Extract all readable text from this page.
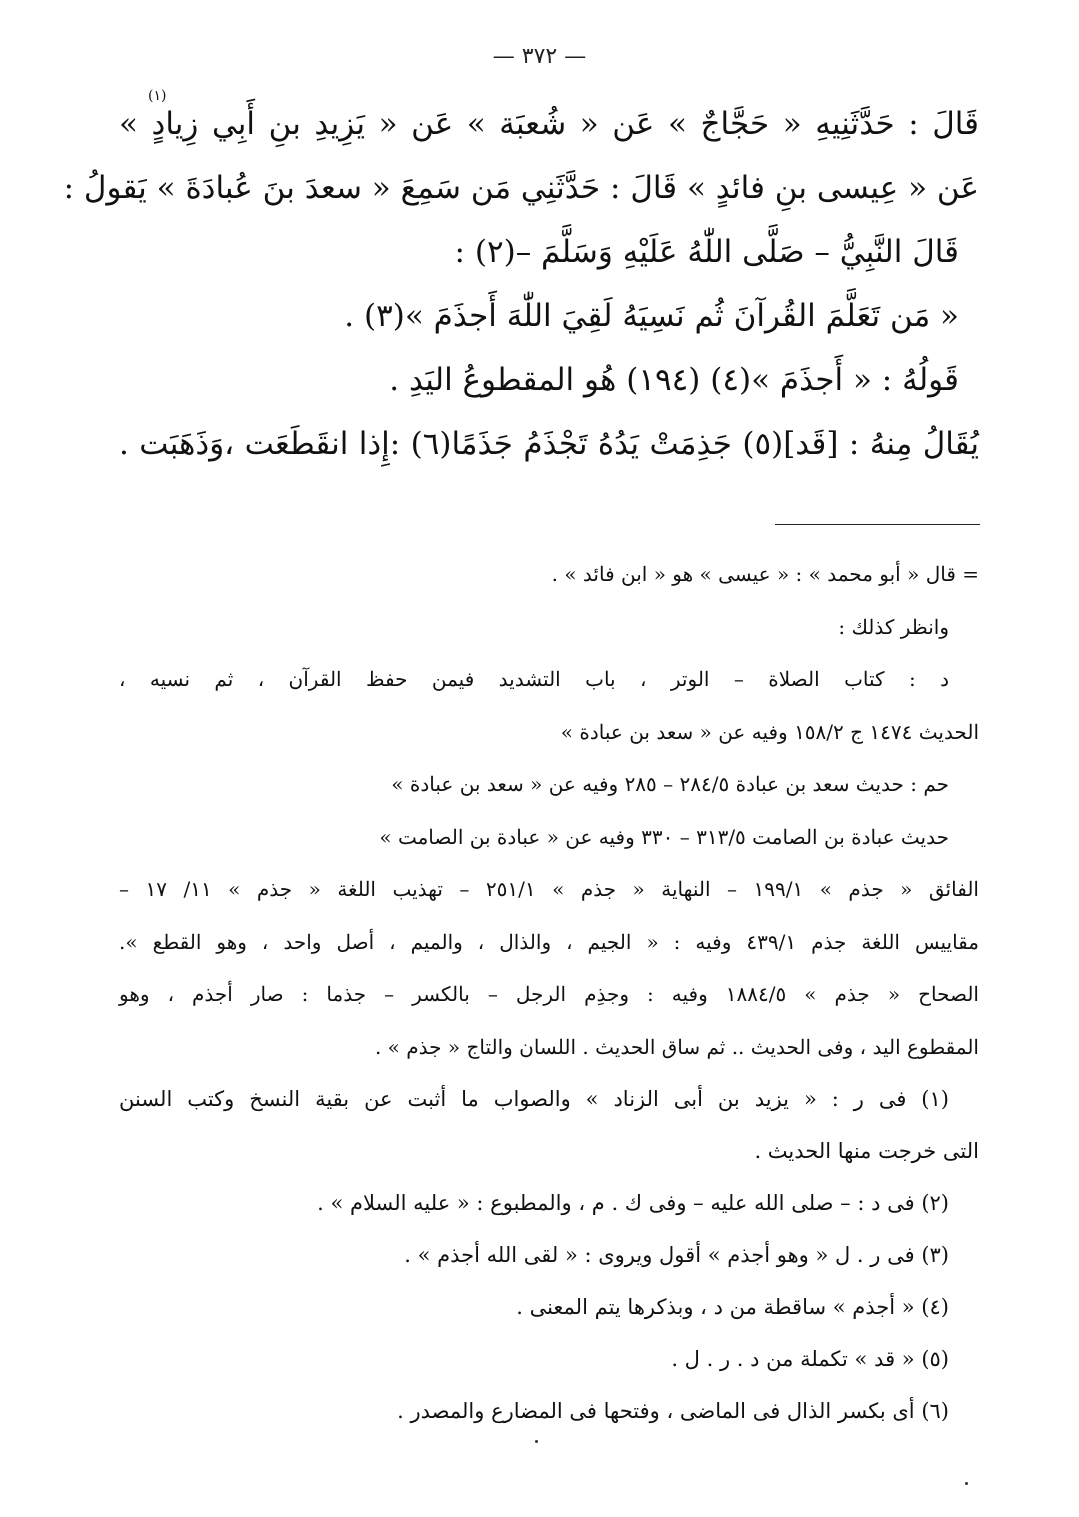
— ٣٧٢ —
(١)
قَالَ : حَدَّثَنِيهِ « حَجَّاجٌ » عَن « شُعبَة » عَن « يَزِيدِ بنِ أَبِي زِيادٍ »
عَن « عِيسى بنِ فائدٍ » قَالَ : حَدَّثَنِي مَن سَمِعَ « سعدَ بنَ عُبادَةَ » يَقولُ :
قَالَ النَّبِيُّ – صَلَّى اللّٰهُ عَلَيْهِ وَسَلَّمَ –(٢) :
« مَن تَعَلَّمَ القُرآنَ ثُم نَسِيَهُ لَقِيَ اللّٰهَ أَجذَمَ »(٣) .
قَولُهُ : « أَجذَمَ »(٤) (١٩٤) هُو المقطوعُ اليَدِ .
يُقَالُ مِنهُ : [قَد](٥) جَذِمَتْ يَدُهُ تَجْذَمُ جَذَمًا(٦) :إِذا انقَطَعَت ،وَذَهَبَت .
= قال « أبو محمد » : « عيسى » هو « ابن فائد » .
وانظر كذلك :
د : كتاب الصلاة – الوتر ، باب التشديد فيمن حفظ القرآن ، ثم نسيه ،
الحديث ١٤٧٤ ج ١٥٨/٢ وفيه عن « سعد بن عبادة »
حم : حديث سعد بن عبادة ٢٨٤/٥ – ٢٨٥ وفيه عن « سعد بن عبادة »
حديث عبادة بن الصامت ٣١٣/٥ – ٣٣٠ وفيه عن « عبادة بن الصامت »
الفائق « جذم » ١٩٩/١ – النهاية « جذم » ٢٥١/١ – تهذيب اللغة « جذم » ١١/ ١٧ –
مقاييس اللغة جذم ٤٣٩/١ وفيه : « الجيم ، والذال ، والميم ، أصل واحد ، وهو القطع ».
الصحاح « جذم » ١٨٨٤/٥ وفيه : وجذِم الرجل – بالكسر – جذما : صار أجذم ، وهو
المقطوع اليد ، وفى الحديث .. ثم ساق الحديث . اللسان والتاج « جذم » .
(١) فى ر : « يزيد بن أبى الزناد » والصواب ما أثبت عن بقية النسخ وكتب السنن
التى خرجت منها الحديث .
(٢) فى د : – صلى الله عليه – وفى ك . م ، والمطبوع : « عليه السلام » .
(٣) فى ر . ل « وهو أجذم » أقول ويروى : « لقى الله أجذم » .
(٤) « أجذم » ساقطة من د ، وبذكرها يتم المعنى .
(٥) « قد » تكملة من د . ر . ل .
(٦) أى بكسر الذال فى الماضى ، وفتحها فى المضارع والمصدر .
